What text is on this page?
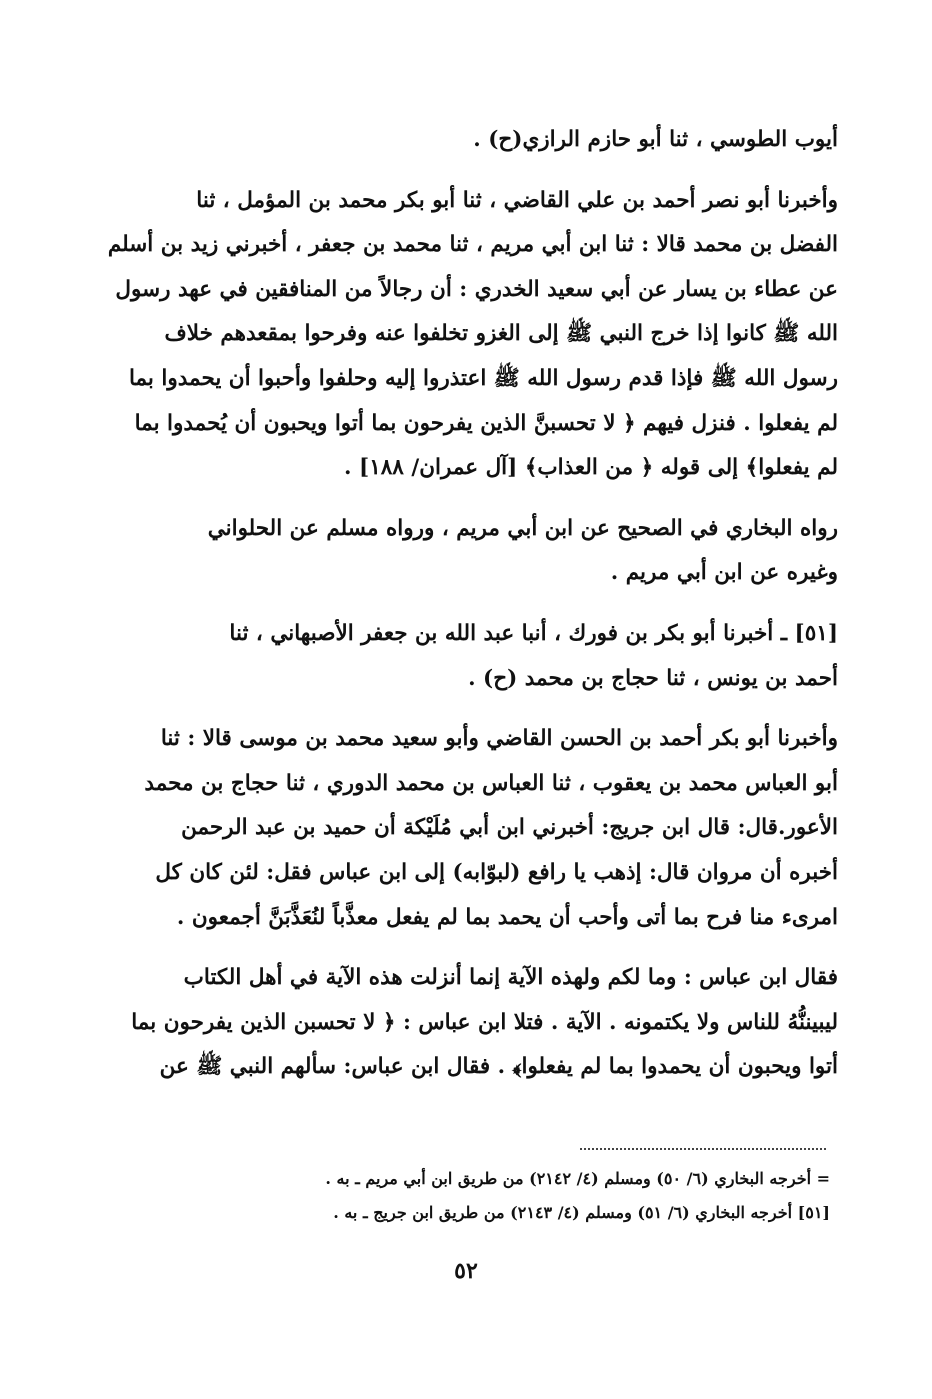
أيوب الطوسي ، ثنا أبو حازم الرازي(ح) .
وأخبرنا أبو نصر أحمد بن علي القاضي ، ثنا أبو بكر محمد بن المؤمل ، ثنا
الفضل بن محمد قالا : ثنا ابن أبي مريم ، ثنا محمد بن جعفر ، أخبرني زيد بن أسلم
عن عطاء بن يسار عن أبي سعيد الخدري : أن رجالاً من المنافقين في عهد رسول
الله ﷺ كانوا إذا خرج النبي ﷺ إلى الغزو تخلفوا عنه وفرحوا بمقعدهم خلاف
رسول الله ﷺ فإذا قدم رسول الله ﷺ اعتذروا إليه وحلفوا وأحبوا أن يحمدوا بما
لم يفعلوا . فنزل فيهم ﴿ لا تحسبنَّ الذين يفرحون بما أتوا ويحبون أن يُحمدوا بما
لم يفعلوا﴾ إلى قوله ﴿ من العذاب﴾ [آل عمران/ ١٨٨] .
رواه البخاري في الصحيح عن ابن أبي مريم ، ورواه مسلم عن الحلواني
وغيره عن ابن أبي مريم .
[٥١] ـ أخبرنا أبو بكر بن فورك ، أنبا عبد الله بن جعفر الأصبهاني ، ثنا
أحمد بن يونس ، ثنا حجاج بن محمد (ح) .
وأخبرنا أبو بكر أحمد بن الحسن القاضي وأبو سعيد محمد بن موسى قالا : ثنا
أبو العباس محمد بن يعقوب ، ثنا العباس بن محمد الدوري ، ثنا حجاج بن محمد
الأعور.قال: قال ابن جريج: أخبرني ابن أبي مُلَيْكة أن حميد بن عبد الرحمن
أخبره أن مروان قال: إذهب يا رافع (لبوّابه) إلى ابن عباس فقل: لئن كان كل
امرىء منا فرح بما أتى وأحب أن يحمد بما لم يفعل معذَّباً لنُعَذَّبَنَّ أجمعون .
فقال ابن عباس : وما لكم ولهذه الآية إنما أنزلت هذه الآية في أهل الكتاب
ليبيننُّهُ للناس ولا يكتمونه . الآية . فتلا ابن عباس : ﴿ لا تحسبن الذين يفرحون بما
أتوا ويحبون أن يحمدوا بما لم يفعلوا﴾ . فقال ابن عباس: سألهم النبي ﷺ عن
= أخرجه البخاري (٦/ ٥٠) ومسلم (٤/ ٢١٤٢) من طريق ابن أبي مريم ـ به .
[٥١] أخرجه البخاري (٦/ ٥١) ومسلم (٤/ ٢١٤٣) من طريق ابن جريج ـ به .
٥٢
